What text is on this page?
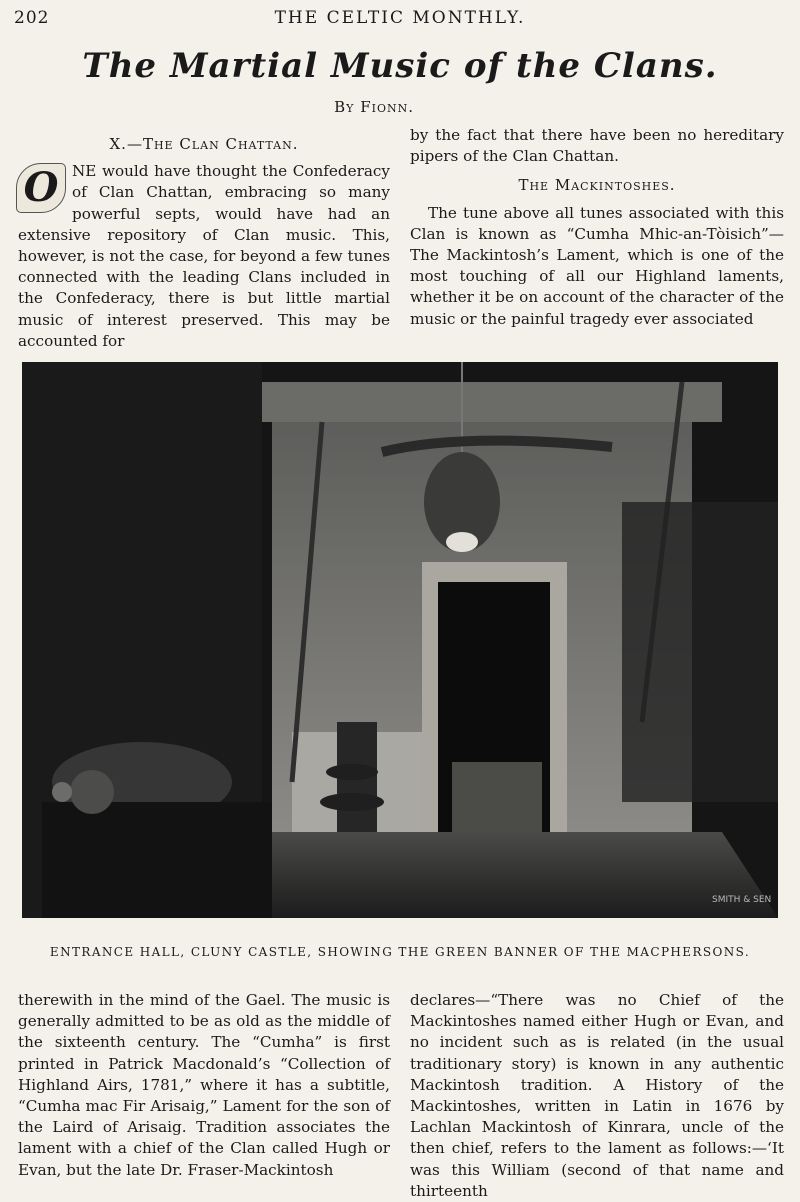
202	THE CELTIC MONTHLY.
The Martial Music of the Clans.
By Fionn.
X.—The Clan Chattan.

O NE would have thought the Confederacy of Clan Chattan, embracing so many powerful septs, would have had an extensive repository of Clan music. This, however, is not the case, for beyond a few tunes connected with the leading Clans included in the Confederacy, there is but little martial music of interest preserved. This may be accounted for

by the fact that there have been no hereditary pipers of the Clan Chattan.

The Mackintoshes.

The tune above all tunes associated with this Clan is known as “Cumha Mhic-an-Tòisich”—The Mackintosh’s Lament, which is one of the most touching of all our Highland laments, whether it be on account of the character of the music or the painful tragedy ever associated

SMITH & SEN
ENTRANCE HALL, CLUNY CASTLE, SHOWING THE GREEN BANNER OF THE MACPHERSONS.

therewith in the mind of the Gael. The music is generally admitted to be as old as the middle of the sixteenth century. The “Cumha” is first printed in Patrick Macdonald’s “Collection of Highland Airs, 1781,” where it has a subtitle, “Cumha mac Fir Arisaig,” Lament for the son of the Laird of Arisaig. Tradition associates the lament with a chief of the Clan called Hugh or Evan, but the late Dr. Fraser-Mackintosh

declares—“There was no Chief of the Mackintoshes named either Hugh or Evan, and no incident such as is related (in the usual traditionary story) is known in any authentic Mackintosh tradition. A History of the Mackintoshes, written in Latin in 1676 by Lachlan Mackintosh of Kinrara, uncle of the then chief, refers to the lament as follows:—‘It was this William (second of that name and thirteenth
